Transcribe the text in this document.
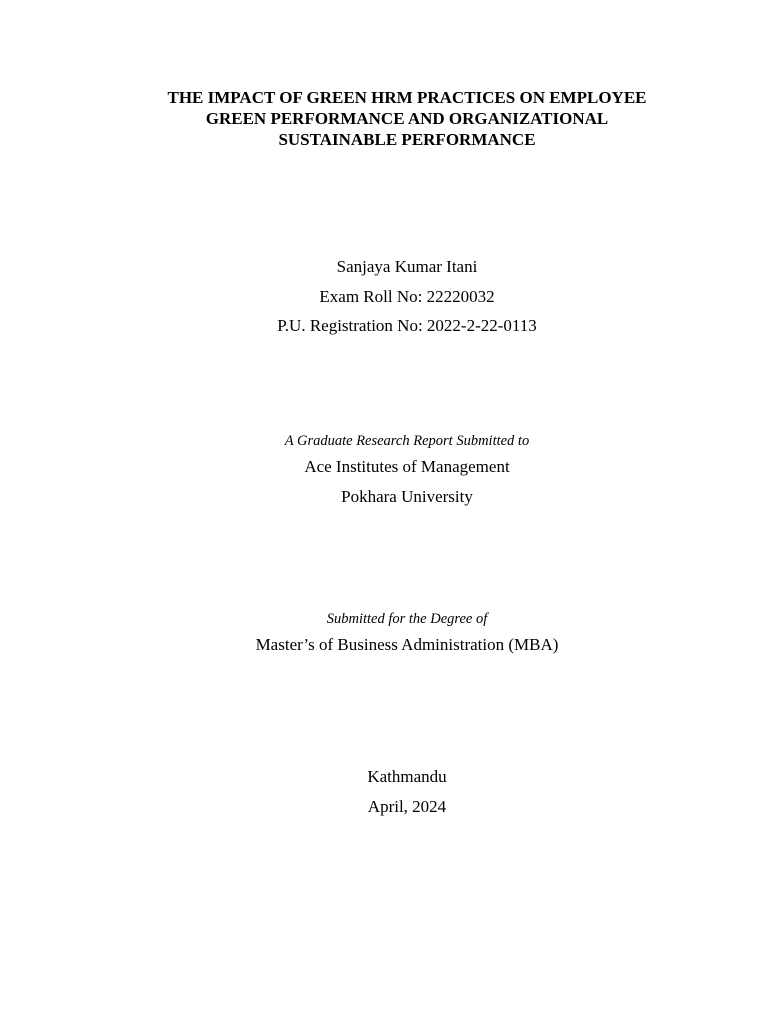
THE IMPACT OF GREEN HRM PRACTICES ON EMPLOYEE
GREEN PERFORMANCE AND ORGANIZATIONAL
SUSTAINABLE PERFORMANCE
Sanjaya Kumar Itani
Exam Roll No: 22220032
P.U. Registration No: 2022-2-22-0113
A Graduate Research Report Submitted to
Ace Institutes of Management
Pokhara University
Submitted for the Degree of
Master’s of Business Administration (MBA)
Kathmandu
April, 2024
